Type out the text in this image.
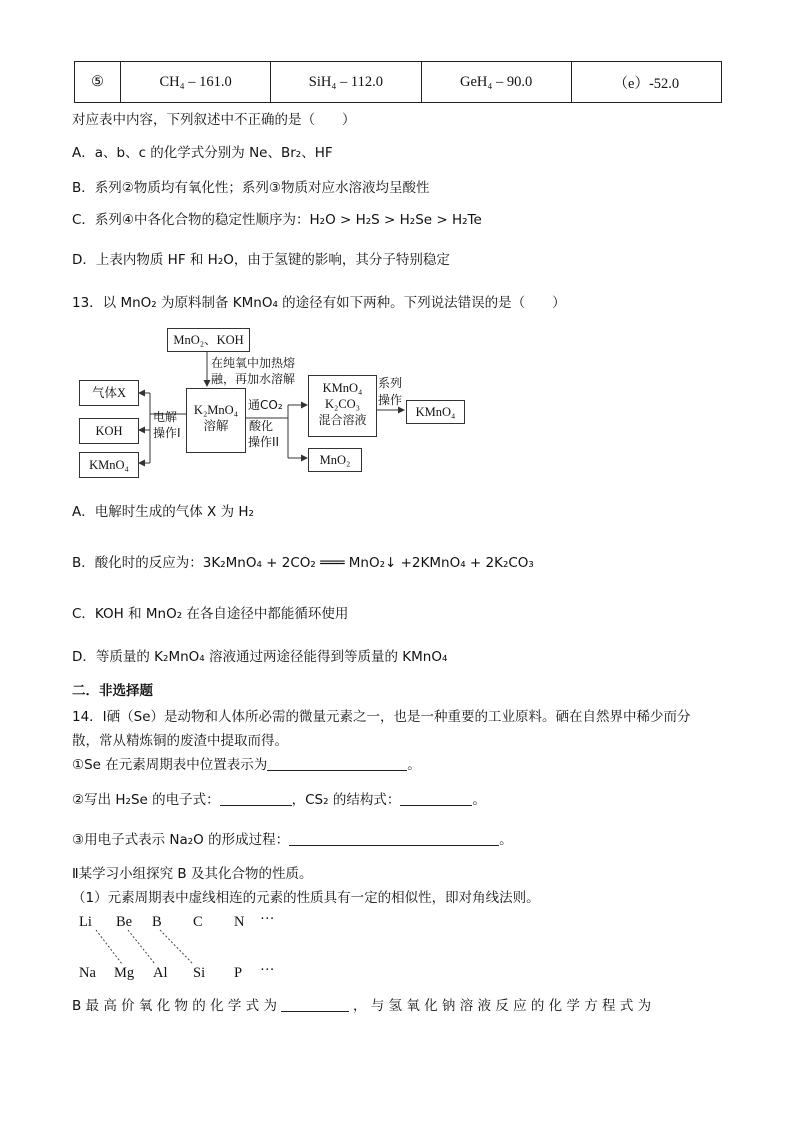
⑤	CH₄ – 161.0	SiH₄ – 112.0	GeH₄ – 90.0	（e）-52.0
对应表中内容，下列叙述中不正确的是（　　）
A．a、b、c 的化学式分别为 Ne、Br₂、HF
B．系列②物质均有氧化性；系列③物质对应水溶液均呈酸性
C．系列④中各化合物的稳定性顺序为：H₂O > H₂S > H₂Se > H₂Te
D．上表内物质 HF 和 H₂O，由于氢键的影响，其分子特别稳定
13．以 MnO₂ 为原料制备 KMnO₄ 的途径有如下两种。下列说法错误的是（　　）
MnO₂、KOH
在纯氧中加热熔
融，再加水溶解
K₂MnO₄
溶解
气体X
KOH
KMnO₄
电解
操作I
通CO₂
酸化
操作II
KMnO₄
K₂CO₃
混合溶液
系列
操作
KMnO₄
MnO₂
A．电解时生成的气体 X 为 H₂
B．酸化时的反应为：3K₂MnO₄ + 2CO₂ ═══ MnO₂↓ +2KMnO₄ + 2K₂CO₃
C．KOH 和 MnO₂ 在各自途径中都能循环使用
D．等质量的 K₂MnO₄ 溶液通过两途径能得到等质量的 KMnO₄
二．非选择题
14．Ⅰ硒（Se）是动物和人体所必需的微量元素之一，也是一种重要的工业原料。硒在自然界中稀少而分
散，常从精炼铜的废渣中提取而得。
①Se 在元素周期表中位置表示为	。
②写出 H₂Se 的电子式：	，CS₂ 的结构式：	。
③用电子式表示 Na₂O 的形成过程：	。
Ⅱ某学习小组探究 B 及其化合物的性质。
（1）元素周期表中虚线相连的元素的性质具有一定的相似性，即对角线法则。
Li Be B C N ···
Na Mg Al Si P ···
B 最 高 价 氧 化 物 的 化 学 式 为	， 与 氢 氧 化 钠 溶 液 反 应 的 化 学 方 程 式 为
